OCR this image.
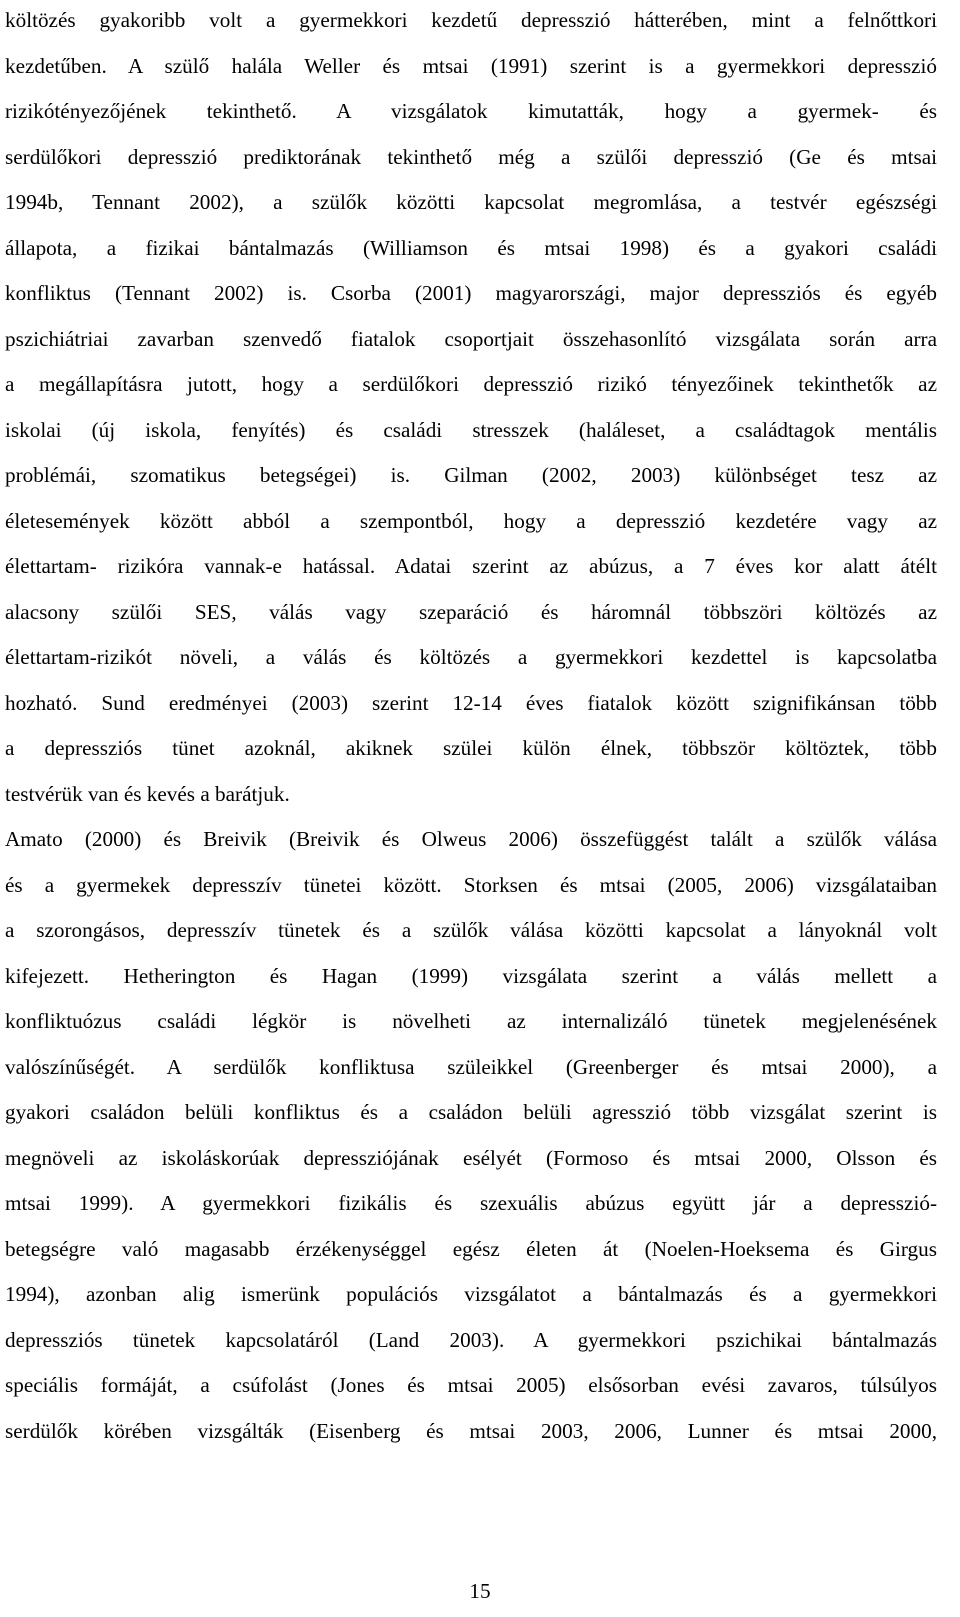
költözés gyakoribb volt a gyermekkori kezdetű depresszió hátterében, mint a felnőttkori

kezdetűben. A szülő halála Weller és mtsai (1991) szerint is a gyermekkori depresszió

rizikótényezőjének tekinthető. A vizsgálatok kimutatták, hogy a gyermek- és

serdülőkori depresszió prediktorának tekinthető még a szülői depresszió (Ge és mtsai

1994b, Tennant 2002), a szülők közötti kapcsolat megromlása, a testvér egészségi

állapota, a fizikai bántalmazás (Williamson és mtsai 1998) és a gyakori családi

konfliktus (Tennant 2002) is. Csorba (2001) magyarországi, major depressziós és egyéb

pszichiátriai zavarban szenvedő fiatalok csoportjait összehasonlító vizsgálata során arra

a megállapításra jutott, hogy a serdülőkori depresszió rizikó tényezőinek tekinthetők az

iskolai (új iskola, fenyítés) és családi stresszek (haláleset, a családtagok mentális

problémái, szomatikus betegségei) is. Gilman (2002, 2003) különbséget tesz az

életesemények között abból a szempontból, hogy a depresszió kezdetére vagy az

élettartam- rizikóra vannak-e hatással. Adatai szerint az abúzus, a 7 éves kor alatt átélt

alacsony szülői SES, válás vagy szeparáció és háromnál többszöri költözés az

élettartam-rizikót növeli, a válás és költözés a gyermekkori kezdettel is kapcsolatba

hozható. Sund eredményei (2003) szerint 12-14 éves fiatalok között szignifikánsan több

a depressziós tünet azoknál, akiknek szülei külön élnek, többször költöztek, több

testvérük van és kevés a barátjuk.

Amato (2000) és Breivik (Breivik és Olweus 2006) összefüggést talált a szülők válása

és a gyermekek depresszív tünetei között. Storksen és mtsai (2005, 2006) vizsgálataiban

a szorongásos, depresszív tünetek és a szülők válása közötti kapcsolat a lányoknál volt

kifejezett. Hetherington és Hagan (1999) vizsgálata szerint a válás mellett a

konfliktuózus családi légkör is növelheti az internalizáló tünetek megjelenésének

valószínűségét. A serdülők konfliktusa szüleikkel (Greenberger és mtsai 2000), a

gyakori családon belüli konfliktus és a családon belüli agresszió több vizsgálat szerint is

megnöveli az iskoláskorúak depressziójának esélyét (Formoso és mtsai 2000, Olsson és

mtsai 1999). A gyermekkori fizikális és szexuális abúzus együtt jár a depresszió-

betegségre való magasabb érzékenységgel egész életen át (Noelen-Hoeksema és Girgus

1994), azonban alig ismerünk populációs vizsgálatot a bántalmazás és a gyermekkori

depressziós tünetek kapcsolatáról (Land 2003). A gyermekkori pszichikai bántalmazás

speciális formáját, a csúfolást (Jones és mtsai 2005) elsősorban evési zavaros, túlsúlyos

serdülők körében vizsgálták (Eisenberg és mtsai 2003, 2006, Lunner és mtsai 2000,

15
